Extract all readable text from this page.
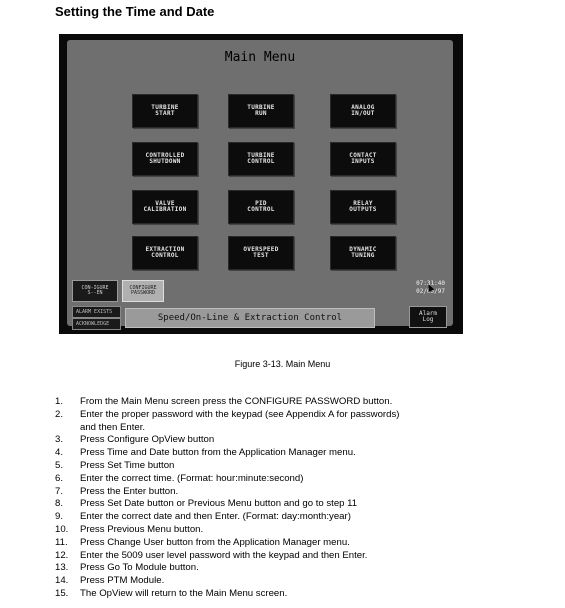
Setting the Time and Date
Main Menu
TURBINE
START
TURBINE
RUN
ANALOG
IN/OUT
CONTROLLED
SHUTDOWN
TURBINE
CONTROL
CONTACT
INPUTS
VALVE
CALIBRATION
PID
CONTROL
RELAY
OUTPUTS
EXTRACTION
CONTROL
OVERSPEED
TEST
DYNAMIC
TUNING
CON-IGURE
S--EN
CONFIGURE
PASSWORD
07:31:40
02/05/97
ALARM EXISTS
ACKNOWLEDGE
Speed/On-Line & Extraction Control	Alarm
Log
Figure 3-13. Main Menu
1. From the Main Menu screen press the CONFIGURE PASSWORD button.
2. Enter the proper password with the keypad (see Appendix A for passwords)
and then Enter.
3. Press Configure OpView button
4. Press Time and Date button from the Application Manager menu.
5. Press Set Time button
6. Enter the correct time. (Format: hour:minute:second)
7. Press the Enter button.
8. Press Set Date button or Previous Menu button and go to step 11
9. Enter the correct date and then Enter. (Format: day:month:year)
10. Press Previous Menu button.
11. Press Change User button from the Application Manager menu.
12. Enter the 5009 user level password with the keypad and then Enter.
13. Press Go To Module button.
14. Press PTM Module.
15. The OpView will return to the Main Menu screen.
